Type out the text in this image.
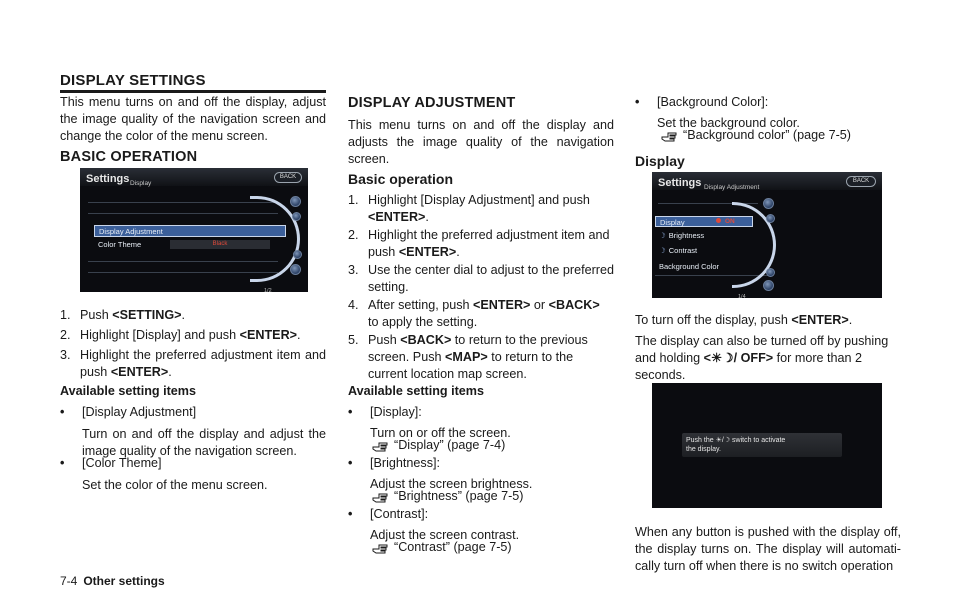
DISPLAY SETTINGS

This menu turns on and off the display, adjust the image quality of the navigation screen and change the color of the menu screen.

BASIC OPERATION
Settings Display
BACK
Display Adjustment
Color Theme	Black
1/2
1. Push <SETTING>.
2. Highlight [Display] and push <ENTER>.
3. Highlight the preferred adjustment item and push <ENTER>.
Available setting items
•	[Display Adjustment]

Turn on and off the display and adjust the image quality of the navigation screen.
•	[Color Theme]

Set the color of the menu screen.
DISPLAY ADJUSTMENT

This menu turns on and off the display and adjusts the image quality of the navigation screen.

Basic operation
1. Highlight [Display Adjustment] and push
<ENTER>.
2. Highlight the preferred adjustment item and
push <ENTER>.
3. Use the center dial to adjust to the preferred setting.
4. After setting, push <ENTER> or <BACK>
to apply the setting.
5. Push <BACK> to return to the previous
screen. Push <MAP> to return to the
current location map screen.
Available setting items
•	[Display]:

Turn on or off the screen.
“Display” (page 7-4)
•	[Brightness]:

Adjust the screen brightness.
“Brightness” (page 7-5)
•	[Contrast]:

Adjust the screen contrast.
“Contrast” (page 7-5)
•	[Background Color]:

Set the background color.
“Background color” (page 7-5)
Display
Settings Display Adjustment
BACK
Display	ON
☽ Brightness
☽ Contrast
Background Color
1/4
To turn off the display, push <ENTER>.
The display can also be turned off by pushing
and holding <☀☽/ OFF> for more than 2
seconds.
Push the ☀/☽ switch to activate
the display.

When any button is pushed with the display off, the display turns on. The display will automati- cally turn off when there is no switch operation

7-4 Other settings
